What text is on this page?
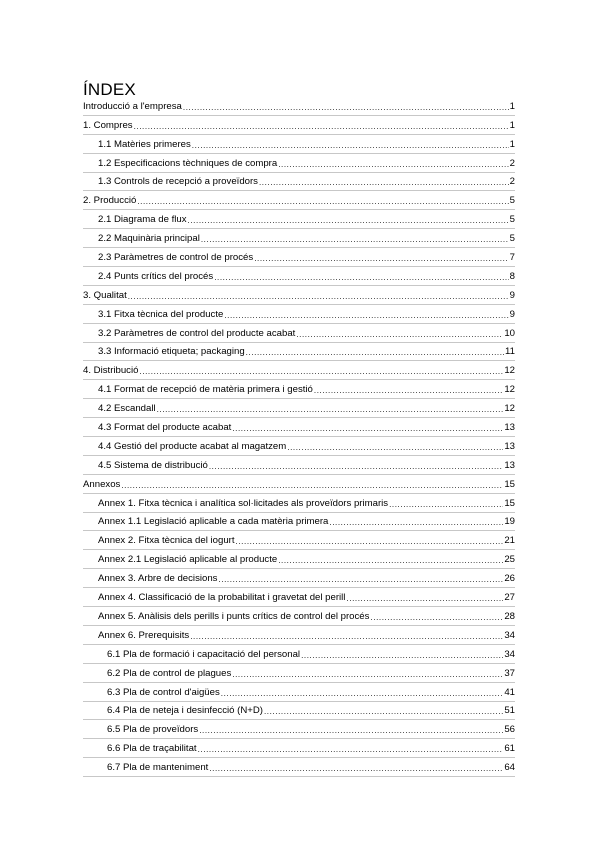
ÍNDEX
Introducció a l'empresa .....	1
1. Compres .....	1
1.1 Matèries primeres .....	1
1.2 Especificacions tèchniques de compra .....	2
1.3 Controls de recepció a proveïdors .....	2
2. Producció .....	5
2.1 Diagrama de flux .....	5
2.2 Maquinària principal .....	5
2.3 Paràmetres de control de procés .....	7
2.4 Punts crítics del procés .....	8
3. Qualitat .....	9
3.1 Fitxa tècnica del producte .....	9
3.2 Paràmetres de control del producte acabat .....	10
3.3 Informació etiqueta; packaging .....	11
4. Distribució .....	12
4.1 Format de recepció de matèria primera i gestió .....	12
4.2 Escandall .....	12
4.3 Format del producte acabat .....	13
4.4 Gestió del producte acabat al magatzem .....	13
4.5 Sistema de distribució .....	13
Annexos .....	15
Annex 1. Fitxa tècnica i analítica sol·licitades als proveïdors primaris .....	15
Annex 1.1 Legislació aplicable a cada matèria primera .....	19
Annex 2. Fitxa tècnica del iogurt .....	21
Annex 2.1 Legislació aplicable al producte .....	25
Annex 3. Arbre de decisions .....	26
Annex 4. Classificació de la probabilitat i gravetat del perill .....	27
Annex 5. Anàlisis dels perills i punts crítics de control del procés .....	28
Annex 6. Prerequisits .....	34
6.1 Pla de formació i capacitació del personal .....	34
6.2 Pla de control de plagues .....	37
6.3 Pla de control d'aigües .....	41
6.4 Pla de neteja i desinfecció (N+D) .....	51
6.5 Pla de proveïdors .....	56
6.6 Pla de traçabilitat .....	61
6.7 Pla de manteniment .....	64
